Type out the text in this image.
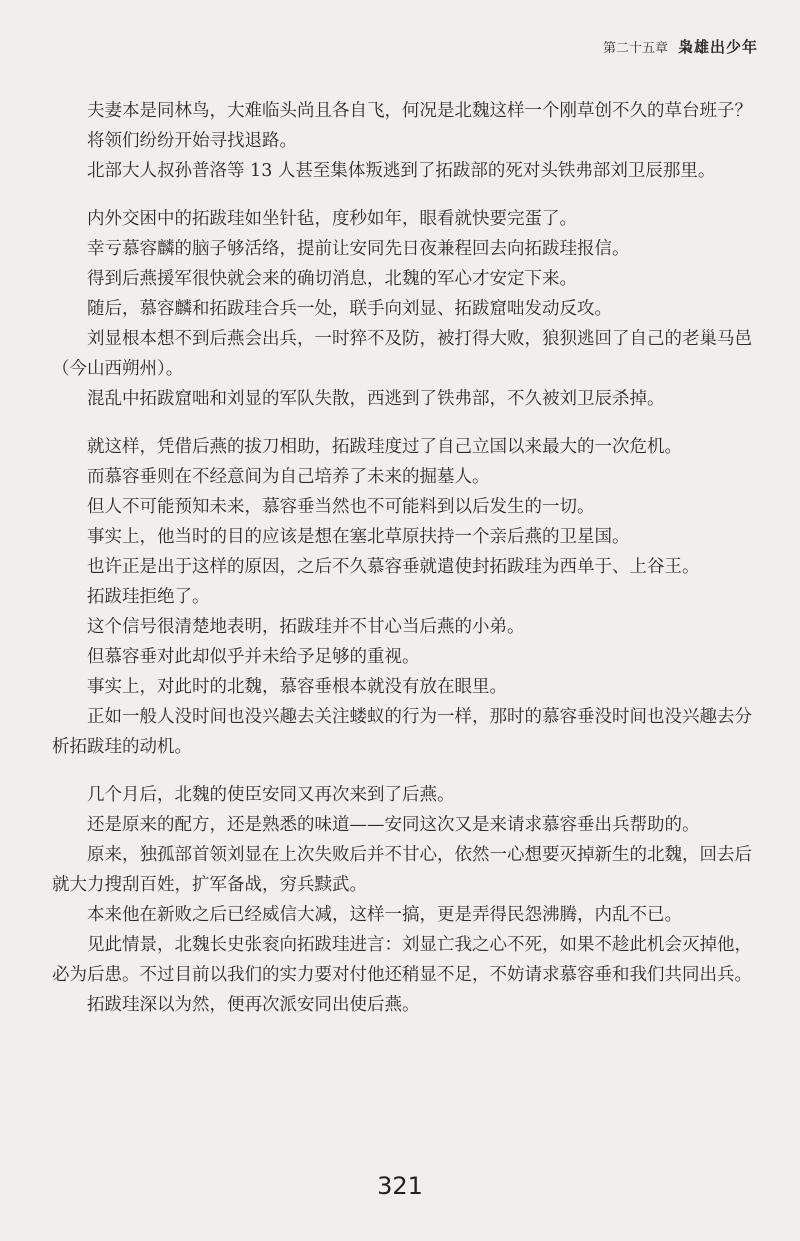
第二十五章 枭雄出少年

夫妻本是同林鸟，大难临头尚且各自飞，何况是北魏这样一个刚草创不久的草台班子？

将领们纷纷开始寻找退路。

北部大人叔孙普洛等 13 人甚至集体叛逃到了拓跋部的死对头铁弗部刘卫辰那里。

内外交困中的拓跋珪如坐针毡，度秒如年，眼看就快要完蛋了。

幸亏慕容麟的脑子够活络，提前让安同先日夜兼程回去向拓跋珪报信。

得到后燕援军很快就会来的确切消息，北魏的军心才安定下来。

随后，慕容麟和拓跋珪合兵一处，联手向刘显、拓跋窟咄发动反攻。

刘显根本想不到后燕会出兵，一时猝不及防，被打得大败，狼狈逃回了自己的老巢马邑（今山西朔州）。

混乱中拓跋窟咄和刘显的军队失散，西逃到了铁弗部，不久被刘卫辰杀掉。

就这样，凭借后燕的拔刀相助，拓跋珪度过了自己立国以来最大的一次危机。

而慕容垂则在不经意间为自己培养了未来的掘墓人。

但人不可能预知未来，慕容垂当然也不可能料到以后发生的一切。

事实上，他当时的目的应该是想在塞北草原扶持一个亲后燕的卫星国。

也许正是出于这样的原因，之后不久慕容垂就遣使封拓跋珪为西单于、上谷王。

拓跋珪拒绝了。

这个信号很清楚地表明，拓跋珪并不甘心当后燕的小弟。

但慕容垂对此却似乎并未给予足够的重视。

事实上，对此时的北魏，慕容垂根本就没有放在眼里。

正如一般人没时间也没兴趣去关注蝼蚁的行为一样，那时的慕容垂没时间也没兴趣去分析拓跋珪的动机。

几个月后，北魏的使臣安同又再次来到了后燕。

还是原来的配方，还是熟悉的味道——安同这次又是来请求慕容垂出兵帮助的。

原来，独孤部首领刘显在上次失败后并不甘心，依然一心想要灭掉新生的北魏，回去后就大力搜刮百姓，扩军备战，穷兵黩武。

本来他在新败之后已经威信大减，这样一搞，更是弄得民怨沸腾，内乱不已。

见此情景，北魏长史张衮向拓跋珪进言：刘显亡我之心不死，如果不趁此机会灭掉他，必为后患。不过目前以我们的实力要对付他还稍显不足，不妨请求慕容垂和我们共同出兵。

拓跋珪深以为然，便再次派安同出使后燕。

321
